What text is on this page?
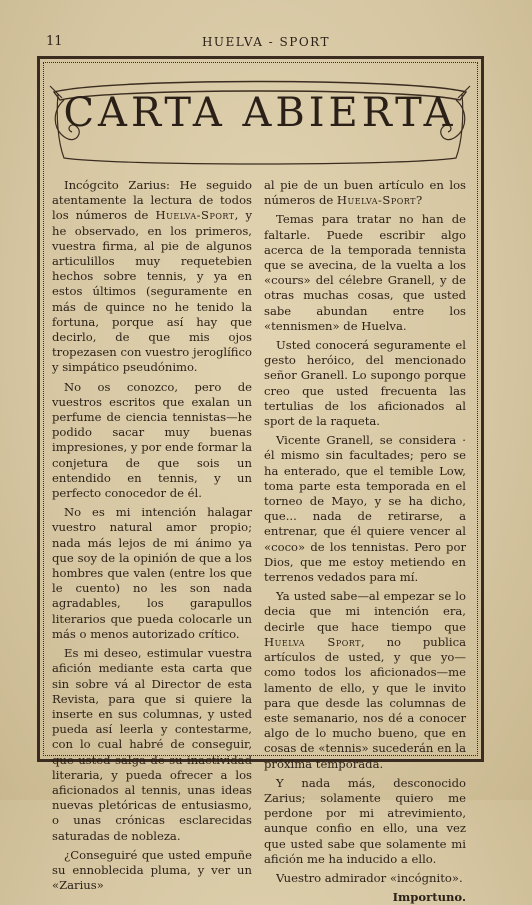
11	HUELVA - SPORT
CARTA ABIERTA

Incógcito Zarius: He seguido atentamente la lectura de todos los números de Huelva-Sport, y he observado, en los primeros, vuestra firma, al pie de algunos articulillos muy requetebien hechos sobre tennis, y ya en estos últimos (seguramente en más de quince no he tenido la fortuna, porque así hay que decirlo, de que mis ojos tropezasen con vuestro jeroglífico y simpático pseudónimo.

No os conozco, pero de vuestros escritos que exalan un perfume de ciencia tennistas—he podido sacar muy buenas impresiones, y por ende formar la conjetura de que sois un entendido en tennis, y un perfecto conocedor de él.

No es mi intención halagar vuestro natural amor propio; nada más lejos de mi ánimo ya que soy de la opinión de que a los hombres que valen (entre los que le cuento) no les son nada agradables, los garapullos literarios que pueda colocarle un más o menos autorizado crítico.

Es mi deseo, estimular vuestra afición mediante esta carta que sin sobre vá al Director de esta Revista, para que si quiere la inserte en sus columnas, y usted pueda así leerla y contestarme, con lo cual habré de conseguir, que usted salga de su inactividad literaria, y pueda ofrecer a los aficionados al tennis, unas ideas nuevas pletóricas de entusiasmo, o unas crónicas esclarecidas saturadas de nobleza.

¿Conseguiré que usted empuñe su ennoblecida pluma, y ver un «Zarius»

al pie de un buen artículo en los números de Huelva-Sport?

Temas para tratar no han de faltarle. Puede escribir algo acerca de la temporada tennista que se avecina, de la vuelta a los «cours» del célebre Granell, y de otras muchas cosas, que usted sabe abundan entre los «tennismen» de Huelva.

Usted conocerá seguramente el gesto heróico, del mencionado señor Granell. Lo supongo porque creo que usted frecuenta las tertulias de los aficionados al sport de la raqueta.

Vicente Granell, se considera · él mismo sin facultades; pero se ha enterado, que el temible Low, toma parte esta temporada en el torneo de Mayo, y se ha dicho, que... nada de retirarse, a entrenar, que él quiere vencer al «coco» de los tennistas. Pero por Dios, que me estoy metiendo en terrenos vedados para mí.

Ya usted sabe—al empezar se lo decia que mi intención era, decirle que hace tiempo que Huelva Sport, no publica artículos de usted, y que yo—como todos los aficionados—me lamento de ello, y que le invito para que desde las columnas de este semanario, nos dé a conocer algo de lo mucho bueno, que en cosas de «tennis» sucederán en la próxima temporada.

Y nada más, desconocido Zarius; solamente quiero me perdone por mi atrevimiento, aunque confio en ello, una vez que usted sabe que solamente mi afición me ha inducido a ello.

Vuestro admirador «incógnito».

Importuno.
